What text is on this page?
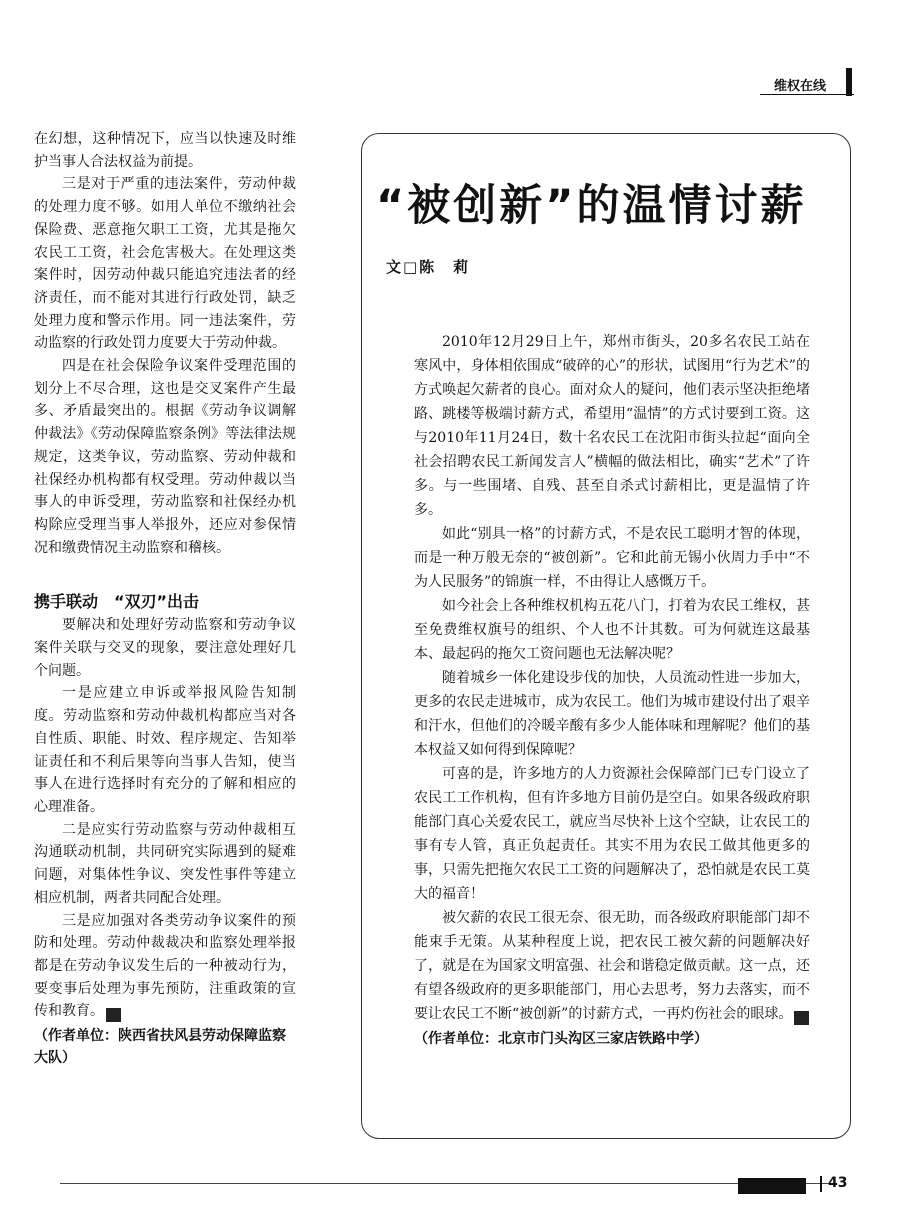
维权在线

在幻想，这种情况下，应当以快速及时维护当事人合法权益为前提。

三是对于严重的违法案件，劳动仲裁的处理力度不够。如用人单位不缴纳社会保险费、恶意拖欠职工工资，尤其是拖欠农民工工资，社会危害极大。在处理这类案件时，因劳动仲裁只能追究违法者的经济责任，而不能对其进行行政处罚，缺乏处理力度和警示作用。同一违法案件，劳动监察的行政处罚力度要大于劳动仲裁。

四是在社会保险争议案件受理范围的划分上不尽合理，这也是交叉案件产生最多、矛盾最突出的。根据《劳动争议调解仲裁法》《劳动保障监察条例》等法律法规规定，这类争议，劳动监察、劳动仲裁和社保经办机构都有权受理。劳动仲裁以当事人的申诉受理，劳动监察和社保经办机构除应受理当事人举报外，还应对参保情况和缴费情况主动监察和稽核。

携手联动　“双刃”出击

要解决和处理好劳动监察和劳动争议案件关联与交叉的现象，要注意处理好几个问题。

一是应建立申诉或举报风险告知制度。劳动监察和劳动仲裁机构都应当对各自性质、职能、时效、程序规定、告知举证责任和不利后果等向当事人告知，使当事人在进行选择时有充分的了解和相应的心理准备。

二是应实行劳动监察与劳动仲裁相互沟通联动机制，共同研究实际遇到的疑难问题，对集体性争议、突发性事件等建立相应机制，两者共同配合处理。

三是应加强对各类劳动争议案件的预防和处理。劳动仲裁裁决和监察处理举报都是在劳动争议发生后的一种被动行为，要变事后处理为事先预防，注重政策的宣传和教育。	RS

（作者单位：陕西省扶风县劳动保障监察大队）
“被创新”的温情讨薪
文□陈　莉

2010年12月29日上午，郑州市街头，20多名农民工站在寒风中，身体相依围成“破碎的心”的形状，试图用“行为艺术”的方式唤起欠薪者的良心。面对众人的疑问，他们表示坚决拒绝堵路、跳楼等极端讨薪方式，希望用“温情”的方式讨要到工资。这与2010年11月24日，数十名农民工在沈阳市街头拉起“面向全社会招聘农民工新闻发言人”横幅的做法相比，确实“艺术”了许多。与一些围堵、自残、甚至自杀式讨薪相比，更是温情了许多。

如此“别具一格”的讨薪方式，不是农民工聪明才智的体现，而是一种万般无奈的“被创新”。它和此前无锡小伙周力手中“不为人民服务”的锦旗一样，不由得让人感慨万千。

如今社会上各种维权机构五花八门，打着为农民工维权，甚至免费维权旗号的组织、个人也不计其数。可为何就连这最基本、最起码的拖欠工资问题也无法解决呢？

随着城乡一体化建设步伐的加快，人员流动性进一步加大，更多的农民走进城市，成为农民工。他们为城市建设付出了艰辛和汗水，但他们的冷暖辛酸有多少人能体味和理解呢？他们的基本权益又如何得到保障呢？

可喜的是，许多地方的人力资源社会保障部门已专门设立了农民工工作机构，但有许多地方目前仍是空白。如果各级政府职能部门真心关爱农民工，就应当尽快补上这个空缺，让农民工的事有专人管，真正负起责任。其实不用为农民工做其他更多的事，只需先把拖欠农民工工资的问题解决了，恐怕就是农民工莫大的福音！

被欠薪的农民工很无奈、很无助，而各级政府职能部门却不能束手无策。从某种程度上说，把农民工被欠薪的问题解决好了，就是在为国家文明富强、社会和谐稳定做贡献。这一点，还有望各级政府的更多职能部门，用心去思考，努力去落实，而不要让农民工不断“被创新”的讨薪方式，一再灼伤社会的眼球。	RS

（作者单位：北京市门头沟区三家店铁路中学）
43
